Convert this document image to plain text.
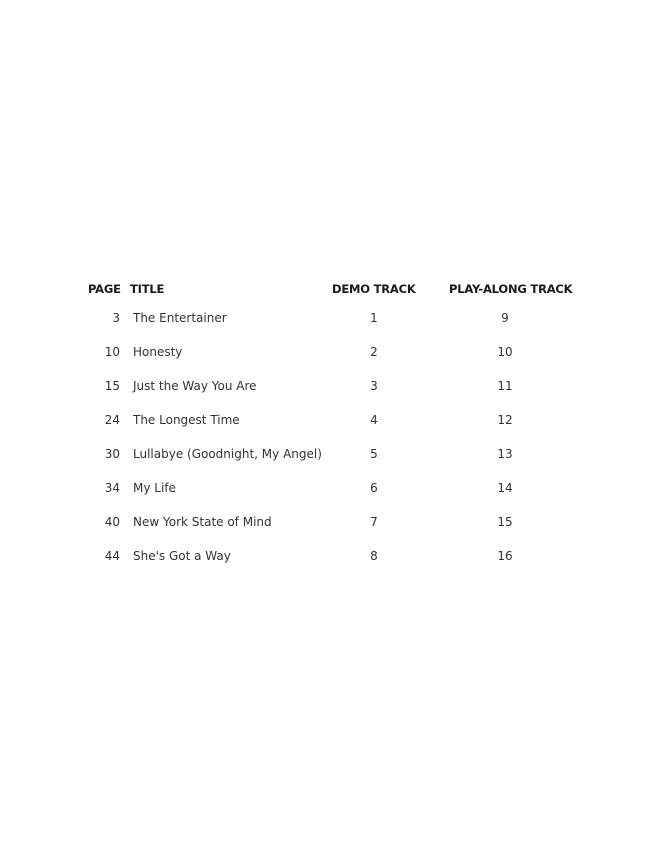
PAGE TITLE	DEMO TRACK	PLAY-ALONG TRACK
3 The Entertainer	1	9
10 Honesty	2	10
15 Just the Way You Are	3	11
24 The Longest Time	4	12
30 Lullabye (Goodnight, My Angel)	5	13
34 My Life	6	14
40 New York State of Mind	7	15
44 She's Got a Way	8	16
